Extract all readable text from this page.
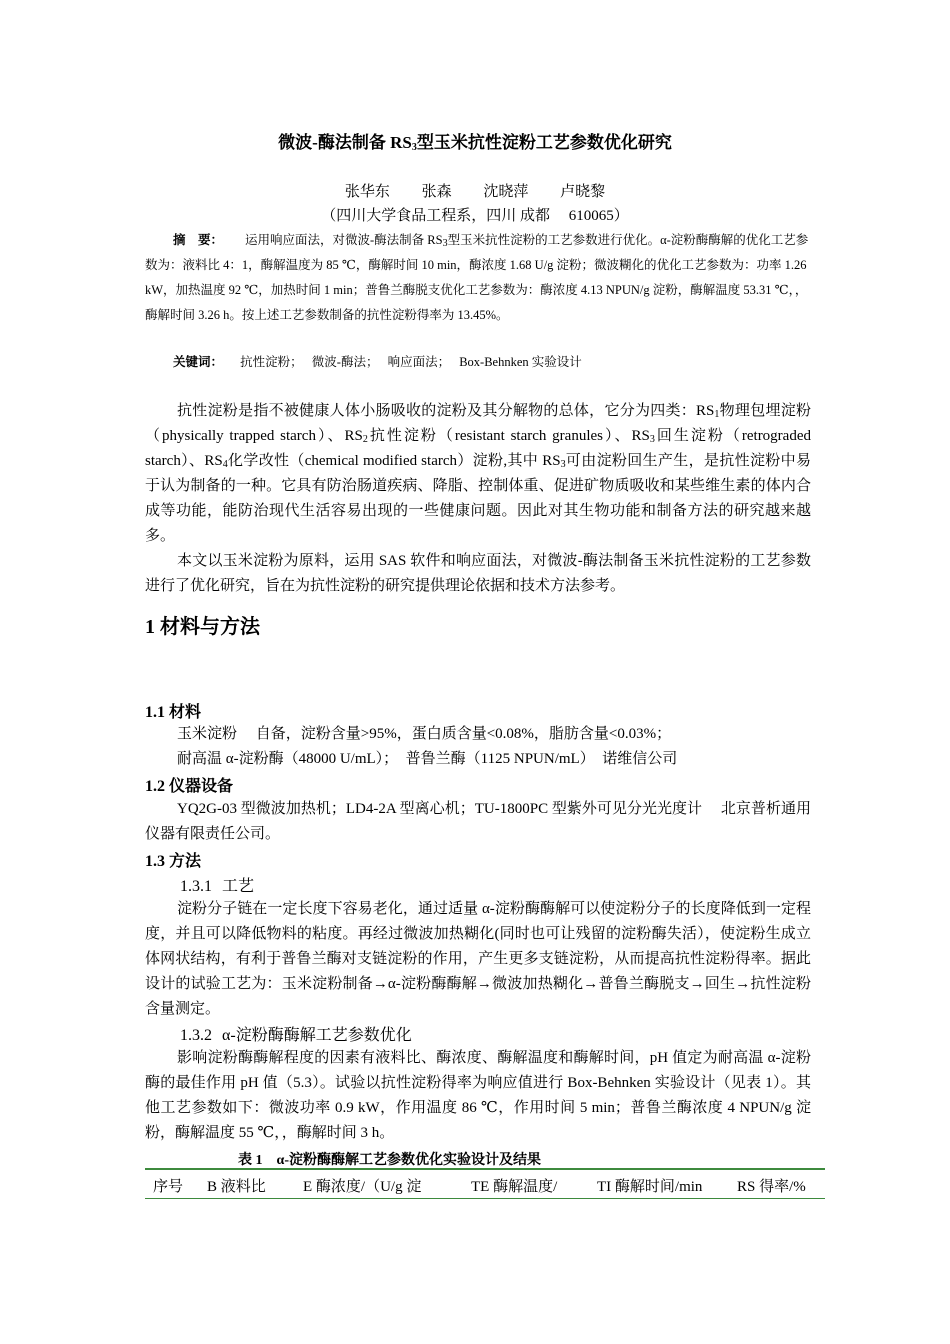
微波-酶法制备 $RS_3$型玉米抗性淀粉工艺参数优化研究
张华东 张森 沈晓萍 卢晓黎
（四川大学食品工程系，四川 成都　 610065）
摘　要： 运用响应面法，对微波-酶法制备 $RS_3$型玉米抗性淀粉的工艺参数进行优化。α-淀粉酶酶解的优化工艺参数为：液料比 4：1，酶解温度为 85 ℃，酶解时间 10 min，酶浓度 1.68 U/g 淀粉；微波糊化的优化工艺参数为：功率 1.26 kW，加热温度 92 ℃，加热时间 1 min；普鲁兰酶脱支优化工艺参数为：酶浓度 4.13 NPUN/g 淀粉，酶解温度 53.31 ℃，，酶解时间 3.26 h。按上述工艺参数制备的抗性淀粉得率为 13.45%。
关键词： 抗性淀粉； 微波-酶法； 响应面法； Box-Behnken 实验设计
抗性淀粉是指不被健康人体小肠吸收的淀粉及其分解物的总体，它分为四类：$RS_1$物理包埋淀粉（physically trapped starch）、$RS_2$抗性淀粉（resistant starch granules）、$RS_3$回生淀粉（retrograded starch）、$RS_4$化学改性（chemical modified starch）淀粉,其中 $RS_3$可由淀粉回生产生，是抗性淀粉中易于认为制备的一种。它具有防治肠道疾病、降脂、控制体重、促进矿物质吸收和某些维生素的体内合成等功能，能防治现代生活容易出现的一些健康问题。因此对其生物功能和制备方法的研究越来越多。
本文以玉米淀粉为原料，运用 SAS 软件和响应面法，对微波-酶法制备玉米抗性淀粉的工艺参数进行了优化研究，旨在为抗性淀粉的研究提供理论依据和技术方法参考。
1 材料与方法
1.1 材料
玉米淀粉　 自备，淀粉含量>95%，蛋白质含量<0.08%，脂肪含量<0.03%；
耐高温 α-淀粉酶（48000 U/mL）；　普鲁兰酶（1125 NPUN/mL）　诺维信公司
1.2 仪器设备
YQ2G-03 型微波加热机；LD4-2A 型离心机；TU-1800PC 型紫外可见分光光度计　 北京普析通用仪器有限责任公司。
1.3 方法
1.3.1 工艺
淀粉分子链在一定长度下容易老化，通过适量 α-淀粉酶酶解可以使淀粉分子的长度降低到一定程度，并且可以降低物料的粘度。再经过微波加热糊化(同时也可让残留的淀粉酶失活），使淀粉生成立体网状结构，有利于普鲁兰酶对支链淀粉的作用，产生更多支链淀粉，从而提高抗性淀粉得率。据此设计的试验工艺为：玉米淀粉制备→α-淀粉酶酶解→微波加热糊化→普鲁兰酶脱支→回生→抗性淀粉含量测定。
1.3.2 α-淀粉酶酶解工艺参数优化
影响淀粉酶酶解程度的因素有液料比、酶浓度、酶解温度和酶解时间，pH 值定为耐高温 α-淀粉酶的最佳作用 pH 值（5.3）。试验以抗性淀粉得率为响应值进行 Box-Behnken 实验设计（见表 1）。其他工艺参数如下：微波功率 0.9 kW，作用温度 86 ℃，作用时间 5 min；普鲁兰酶浓度 4 NPUN/g 淀粉，酶解温度 55 ℃，，酶解时间 3 h。
表 1　α-淀粉酶酶解工艺参数优化实验设计及结果
序号 B 液料比 E 酶浓度/（U/g 淀	TE 酶解温度/	TI 酶解时间/min RS 得率/%
